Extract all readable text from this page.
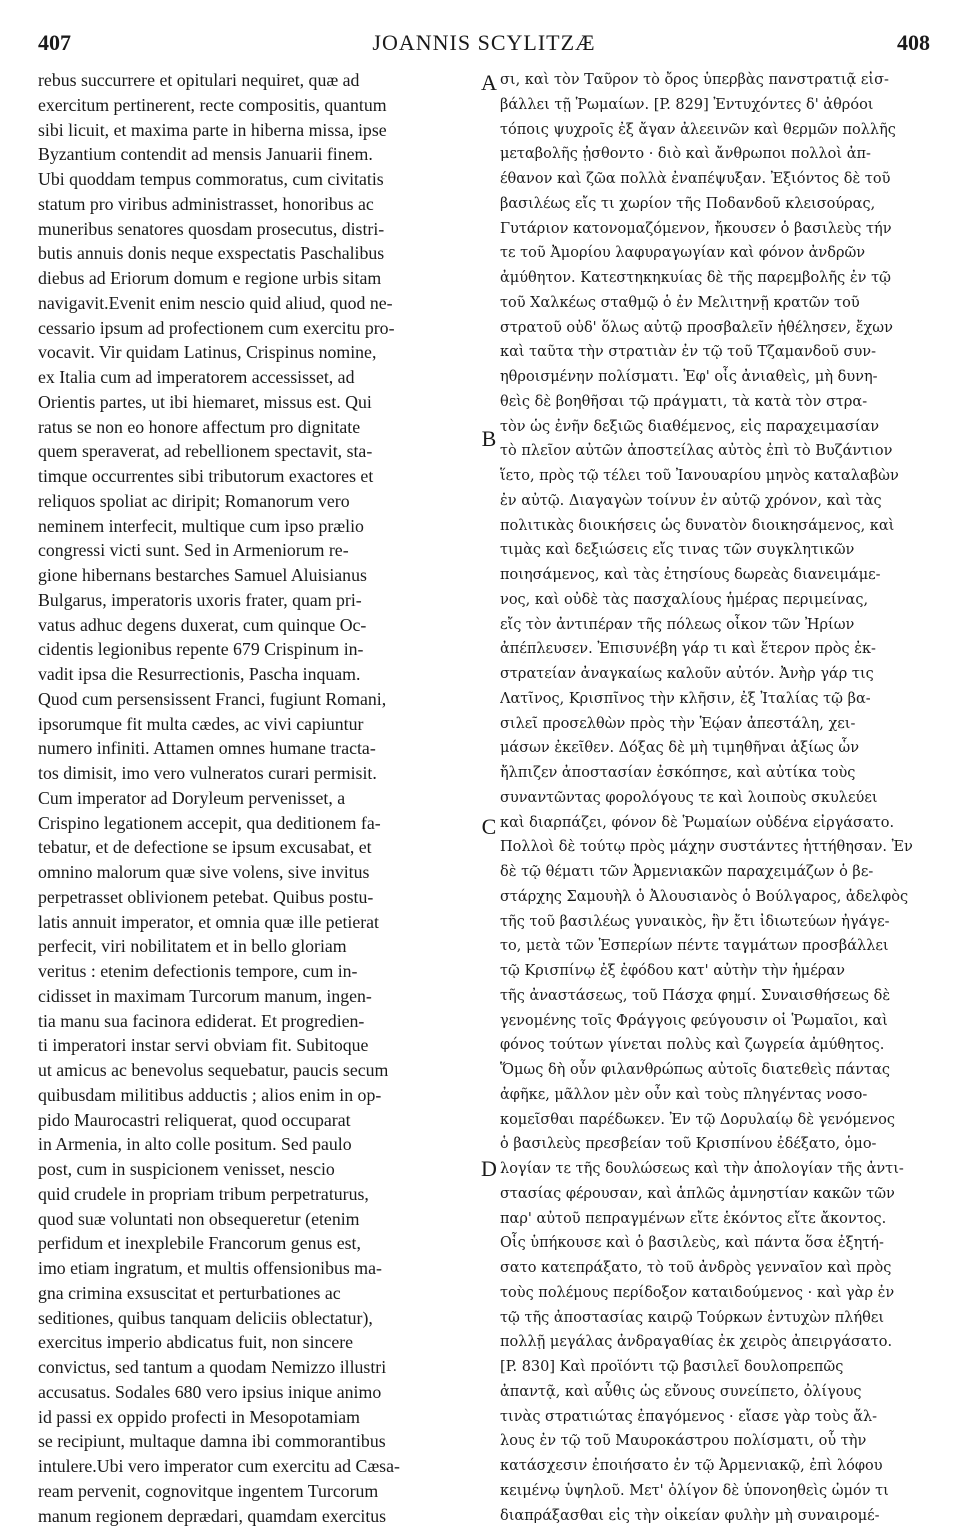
407	JOANNIS SCYLITZÆ	408
rebus succurrere et opitulari nequiret, quæ ad
exercitum pertinerent, recte compositis, quantum
sibi licuit, et maxima parte in hiberna missa, ipse
Byzantium contendit ad mensis Januarii finem.
Ubi quoddam tempus commoratus, cum civitatis
statum pro viribus administrasset, honoribus ac
muneribus senatores quosdam prosecutus, distri-
butis annuis donis neque exspectatis Paschalibus
diebus ad Eriorum domum e regione urbis sitam
navigavit.Evenit enim nescio quid aliud, quod ne-
cessario ipsum ad profectionem cum exercitu pro-
vocavit. Vir quidam Latinus, Crispinus nomine,
ex Italia cum ad imperatorem accessisset, ad
Orientis partes, ut ibi hiemaret, missus est. Qui
ratus se non eo honore affectum pro dignitate
quem speraverat, ad rebellionem spectavit, sta-
timque occurrentes sibi tributorum exactores et
reliquos spoliat ac diripit; Romanorum vero
neminem interfecit, multique cum ipso prælio
congressi victi sunt. Sed in Armeniorum re-
gione hibernans bestarches Samuel Aluisianus
Bulgarus, imperatoris uxoris frater, quam pri-
vatus adhuc degens duxerat, cum quinque Oc-
cidentis legionibus repente 679 Crispinum in-
vadit ipsa die Resurrectionis, Pascha inquam.
Quod cum persensissent Franci, fugiunt Romani,
ipsorumque fit multa cædes, ac vivi capiuntur
numero infiniti. Attamen omnes humane tracta-
tos dimisit, imo vero vulneratos curari permisit.
Cum imperator ad Doryleum pervenisset, a
Crispino legationem accepit, qua deditionem fa-
tebatur, et de defectione se ipsum excusabat, et
omnino malorum quæ sive volens, sive invitus
perpetrasset oblivionem petebat. Quibus postu-
latis annuit imperator, et omnia quæ ille petierat
perfecit, viri nobilitatem et in bello gloriam
veritus : etenim defectionis tempore, cum in-
cidisset in maximam Turcorum manum, ingen-
tia manu sua facinora ediderat. Et progredien-
ti imperatori instar servi obviam fit. Subitoque
ut amicus ac benevolus sequebatur, paucis secum
quibusdam militibus adductis ; alios enim in op-
pido Maurocastri reliquerat, quod occuparat
in Armenia, in alto colle positum. Sed paulo
post, cum in suspicionem venisset, nescio
quid crudele in propriam tribum perpetraturus,
quod suæ voluntati non obsequeretur (etenim
perfidum et inexplebile Francorum genus est,
imo etiam ingratum, et multis offensionibus ma-
gna crimina exsuscitat et perturbationes ac
seditiones, quibus tanquam deliciis oblectatur),
exercitus imperio abdicatus fuit, non sincere
convictus, sed tantum a quodam Nemizzo illustri
accusatus. Sodales 680 vero ipsius inique animo
id passi ex oppido profecti in Mesopotamiam
se recipiunt, multaque damna ibi commorantibus
intulere.Ubi vero imperator cum exercitu ad Cæsa-
ream pervenit, cognovitque ingentem Turcorum
manum regionem deprædari, quamdam exercitus
σι, καὶ τὸν Ταῦρον τὸ ὄρος ὑπερβὰς πανστρατιᾷ εἰσ-
βάλλει τῇ Ῥωμαίων. [P. 829] Ἐντυχόντες δ' ἀθρόοι
τόποις ψυχροῖς ἐξ ἄγαν ἀλεεινῶν καὶ θερμῶν πολλῆς
μεταβολῆς ᾐσθοντο · διὸ καὶ ἄνθρωποι πολλοὶ ἀπ-
έθανον καὶ ζῶα πολλὰ ἐναπέψυξαν. Ἐξιόντος δὲ τοῦ
βασιλέως εἴς τι χωρίον τῆς Ποδανδοῦ κλεισούρας,
Γυτάριον κατονομαζόμενον, ἤκουσεν ὁ βασιλεὺς τήν
τε τοῦ Ἀμορίου λαφυραγωγίαν καὶ φόνον ἀνδρῶν
ἀμύθητον. Κατεστηκηκυίας δὲ τῆς παρεμβολῆς ἐν τῷ
τοῦ Χαλκέως σταθμῷ ὁ ἐν Μελιτηνῇ κρατῶν τοῦ
στρατοῦ οὐδ' ὅλως αὐτῷ προσβαλεῖν ἠθέλησεν, ἔχων
καὶ ταῦτα τὴν στρατιὰν ἐν τῷ τοῦ Τζαμανδοῦ συν-
ηθροισμένην πολίσματι. Ἐφ' οἷς ἀνιαθεὶς, μὴ δυνη-
θεὶς δὲ βοηθῆσαι τῷ πράγματι, τὰ κατὰ τὸν στρα-
τὸν ὡς ἐνῆν δεξιῶς διαθέμενος, εἰς παραχειμασίαν
τὸ πλεῖον αὐτῶν ἀποστείλας αὐτὸς ἐπὶ τὸ Βυζάντιον
ἵετο, πρὸς τῷ τέλει τοῦ Ἰανουαρίου μηνὸς καταλαβὼν
ἐν αὐτῷ. Διαγαγὼν τοίνυν ἐν αὐτῷ χρόνον, καὶ τὰς
πολιτικὰς διοικήσεις ὡς δυνατὸν διοικησάμενος, καὶ
τιμὰς καὶ δεξιώσεις εἴς τινας τῶν συγκλητικῶν
ποιησάμενος, καὶ τὰς ἐτησίους δωρεὰς διανειμάμε-
νος, καὶ οὐδὲ τὰς πασχαλίους ἡμέρας περιμείνας,
εἴς τὸν ἀντιπέραν τῆς πόλεως οἶκον τῶν Ἠρίων
ἀπέπλευσεν. Ἐπισυνέβη γάρ τι καὶ ἕτερον πρὸς ἐκ-
στρατείαν ἀναγκαίως καλοῦν αὐτόν. Ἀνὴρ γάρ τις
Λατῖνος, Κρισπῖνος τὴν κλῆσιν, ἐξ Ἰταλίας τῷ βα-
σιλεῖ προσελθὼν πρὸς τὴν Ἑῴαν ἀπεστάλη, χει-
μάσων ἐκεῖθεν. Δόξας δὲ μὴ τιμηθῆναι ἀξίως ὧν
ἤλπιζεν ἀποστασίαν ἐσκόπησε, καὶ αὐτίκα τοὺς
συναντῶντας φορολόγους τε καὶ λοιποὺς σκυλεύει
καὶ διαρπάζει, φόνον δὲ Ῥωμαίων οὐδένα εἰργάσατο.
Πολλοὶ δὲ τούτῳ πρὸς μάχην συστάντες ἡττήθησαν. Ἐν
δὲ τῷ θέματι τῶν Ἀρμενιακῶν παραχειμάζων ὁ βε-
στάρχης Σαμουὴλ ὁ Ἀλουσιανὸς ὁ Βούλγαρος, ἀδελφὸς
τῆς τοῦ βασιλέως γυναικὸς, ἣν ἔτι ἰδιωτεύων ἠγάγε-
το, μετὰ τῶν Ἑσπερίων πέντε ταγμάτων προσβάλλει
τῷ Κρισπίνῳ ἐξ ἐφόδου κατ' αὐτὴν τὴν ἡμέραν
τῆς ἀναστάσεως, τοῦ Πάσχα φημί. Συναισθήσεως δὲ
γενομένης τοῖς Φράγγοις φεύγουσιν οἱ Ῥωμαῖοι, καὶ
φόνος τούτων γίνεται πολὺς καὶ ζωγρεία ἀμύθητος.
Ὅμως δὴ οὖν φιλανθρώπως αὐτοῖς διατεθεὶς πάντας
ἀφῆκε, μᾶλλον μὲν οὖν καὶ τοὺς πληγέντας νοσο-
κομεῖσθαι παρέδωκεν. Ἐν τῷ Δορυλαίῳ δὲ γενόμενος
ὁ βασιλεὺς πρεσβείαν τοῦ Κρισπίνου ἐδέξατο, ὁμο-
λογίαν τε τῆς δουλώσεως καὶ τὴν ἀπολογίαν τῆς ἀντι-
στασίας φέρουσαν, καὶ ἁπλῶς ἀμνηστίαν κακῶν τῶν
παρ' αὐτοῦ πεπραγμένων εἴτε ἑκόντος εἴτε ἄκοντος.
Οἷς ὑπήκουσε καὶ ὁ βασιλεὺς, καὶ πάντα ὅσα ἐξητή-
σατο κατεπράξατο, τὸ τοῦ ἀνδρὸς γενναῖον καὶ πρὸς
τοὺς πολέμους περίδοξον καταιδούμενος · καὶ γὰρ ἐν
τῷ τῆς ἀποστασίας καιρῷ Τούρκων ἐντυχὼν πλήθει
πολλῇ μεγάλας ἀνδραγαθίας ἐκ χειρὸς ἀπειργάσατο.
[P. 830] Καὶ προϊόντι τῷ βασιλεῖ δουλοπρεπῶς
ἀπαντᾷ, καὶ αὖθις ὡς εὔνους συνείπετο, ὀλίγους
τινὰς στρατιώτας ἐπαγόμενος · εἴασε γὰρ τοὺς ἄλ-
λους ἐν τῷ τοῦ Μαυροκάστρου πολίσματι, οὗ τὴν
κατάσχεσιν ἐποιήσατο ἐν τῷ Ἀρμενιακῷ, ἐπὶ λόφου
κειμένῳ ὑψηλοῦ. Μετ' ὀλίγον δὲ ὑπονοηθεὶς ὠμόν τι
διαπράξασθαι εἰς τὴν οἰκείαν φυλὴν μὴ συναιρομέ-
A
B
C
D
